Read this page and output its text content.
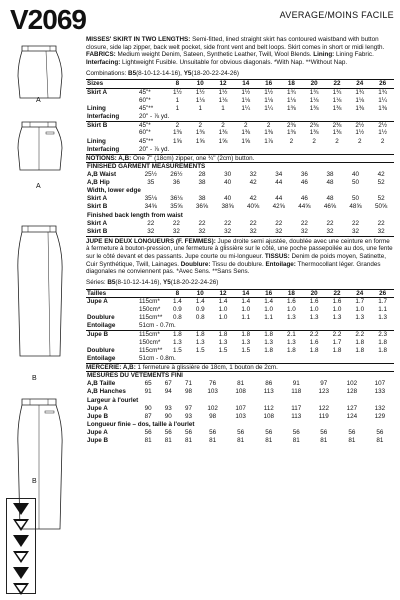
V2069
A
A
B
B
AVERAGE/MOINS FACILE
MISSES' SKIRT IN TWO LENGTHS: Semi-fitted, lined straight skirt has contoured waistband with button closure, side lap zipper, back welt pocket, side front vent and belt loops. Skirt comes in short or midi length. FABRICS: Medium weight Denim, Sateen, Synthetic Leather, Twill, Wool Blends. Lining: Lining Fabric. Interfacing: Lightweight Fusible. Unsuitable for obvious diagonals. *With Nap. **Without Nap.
Combinations: B5(8-10-12-14-16), Y5(18-20-22-24-26)
Sizes		8	10	12	14	16	18	20	22	24	26
Skirt A	45"*	1½	1½	1½	1½	1½	1¾	1¾	1¾	1¾	1¾
	60"*	1	1⅛	1⅛	1⅛	1⅛	1⅛	1⅛	1⅛	1⅛	1¼
Lining	45"**	1	1	1	1¼	1¼	1⅜	1⅜	1⅜	1⅜	1⅜
Interfacing	20" - ⅞ yd.										
Skirt B	45"*	2	2	2	2	2	2⅜	2⅜	2⅜	2½	2½
	60"*	1⅜	1⅜	1⅜	1⅜	1⅜	1⅜	1⅜	1⅜	1½	1½
Lining	45"**	1⅝	1⅝	1⅝	1⅝	1⅞	2	2	2	2	2
Interfacing	20" - ⅞ yd.										
NOTIONS: A,B: One 7" (18cm) zipper, one ¾" (2cm) button.
FINISHED GARMENT MEASUREMENTS										
A,B Waist	25½	26½	28	30	32	34	36	38	40	42
A,B Hip	35	36	38	40	42	44	46	48	50	52
Width, lower edge										
Skirt A	35⅛	36⅛	38	40	42	44	46	48	50	52
Skirt B	34⅝	35⅝	36⅝	38⅝	40⅝	42⅝	44⅝	46⅝	48⅝	50⅝
Finished back length from waist										
Skirt A	22	22	22	22	22	22	22	22	22	22
Skirt B	32	32	32	32	32	32	32	32	32	32
JUPE EN DEUX LONGUEURS (F. FEMMES): Jupe droite semi ajustée, doublée avec une ceinture en forme à fermeture à bouton-pression, une fermeture à glissière sur le côté, une poche passepoilée au dos, une fente sur le côté devant et des passants. Jupe courte ou mi-longueur. TISSUS: Denim de poids moyen, Satinette, Cuir Synthétique, Twill, Lainages. Doublure: Tissu de doublure. Entoilage: Thermocollant léger. Grandes diagonales ne conviennent pas. *Avec Sens. **Sans Sens.
Séries: B5(8-10-12-14-16), Y5(18-20-22-24-26)
Tailles		8	10	12	14	16	18	20	22	24	26
Jupe A	115cm*	1.4	1.4	1.4	1.4	1.4	1.6	1.6	1.6	1.7	1.7
	150cm*	0.9	0.9	1.0	1.0	1.0	1.0	1.0	1.0	1.0	1.1
Doublure	115cm**	0.8	0.8	1.0	1.1	1.1	1.3	1.3	1.3	1.3	1.3
Entoilage	51cm - 0.7m.										
Jupe B	115cm*	1.8	1.8	1.8	1.8	1.8	2.1	2.2	2.2	2.2	2.3
	150cm*	1.3	1.3	1.3	1.3	1.3	1.3	1.6	1.7	1.8	1.8
Doublure	115cm**	1.5	1.5	1.5	1.5	1.8	1.8	1.8	1.8	1.8	1.8
Entoilage	51cm - 0.8m.										
MERCERIE: A,B: 1 fermeture à glissière de 18cm, 1 bouton de 2cm.
MESURES DU VÊTEMENTS FINI										
A,B Taille	65	67	71	76	81	86	91	97	102	107
A,B Hanches	91	94	98	103	108	113	118	123	128	133
Largeur à l'ourlet										
Jupe A	90	93	97	102	107	112	117	122	127	132
Jupe B	87	90	93	98	103	108	113	119	124	129
Longueur finie – dos, taille à l'ourlet										
Jupe A	56	56	56	56	56	56	56	56	56	56
Jupe B	81	81	81	81	81	81	81	81	81	81
